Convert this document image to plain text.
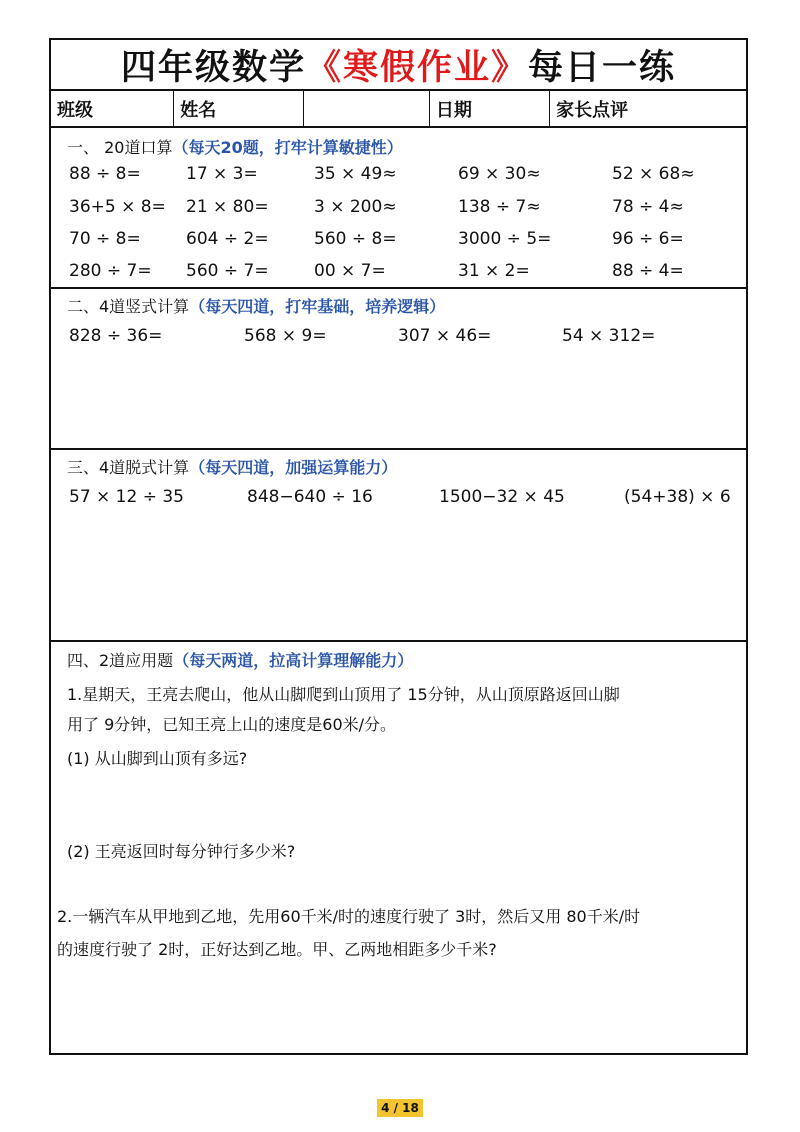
四年级数学 《寒假作业》 每日一练
班级	姓名	日期	家长点评
一、 20道口算（每天20题，打牢计算敏捷性）
88 ÷ 8=	17 × 3=	35 × 49≈	69 × 30≈	52 × 68≈
36+5 × 8= 21 × 80=	3 × 200≈	138 ÷ 7≈	78 ÷ 4≈
70 ÷ 8=	604 ÷ 2=	560 ÷ 8=	3000 ÷ 5=	96 ÷ 6=
280 ÷ 7= 560 ÷ 7=	00 × 7=	31 × 2=	88 ÷ 4=
二、4道竖式计算（每天四道，打牢基础，培养逻辑）
828 ÷ 36=	568 × 9=	307 × 46=	54 × 312=
三、4道脱式计算（每天四道，加强运算能力）
57 × 12 ÷ 35	848−640 ÷ 16	1500−32 × 45	(54+38) × 6
四、2道应用题（每天两道，拉高计算理解能力）
1.星期天，王亮去爬山，他从山脚爬到山顶用了 15分钟，从山顶原路返回山脚
用了 9分钟，已知王亮上山的速度是60米/分。
(1) 从山脚到山顶有多远?
(2) 王亮返回时每分钟行多少米?
2.一辆汽车从甲地到乙地，先用60千米/时的速度行驶了 3时，然后又用 80千米/时
的速度行驶了 2时，正好达到乙地。甲、乙两地相距多少千米?
4 / 18
